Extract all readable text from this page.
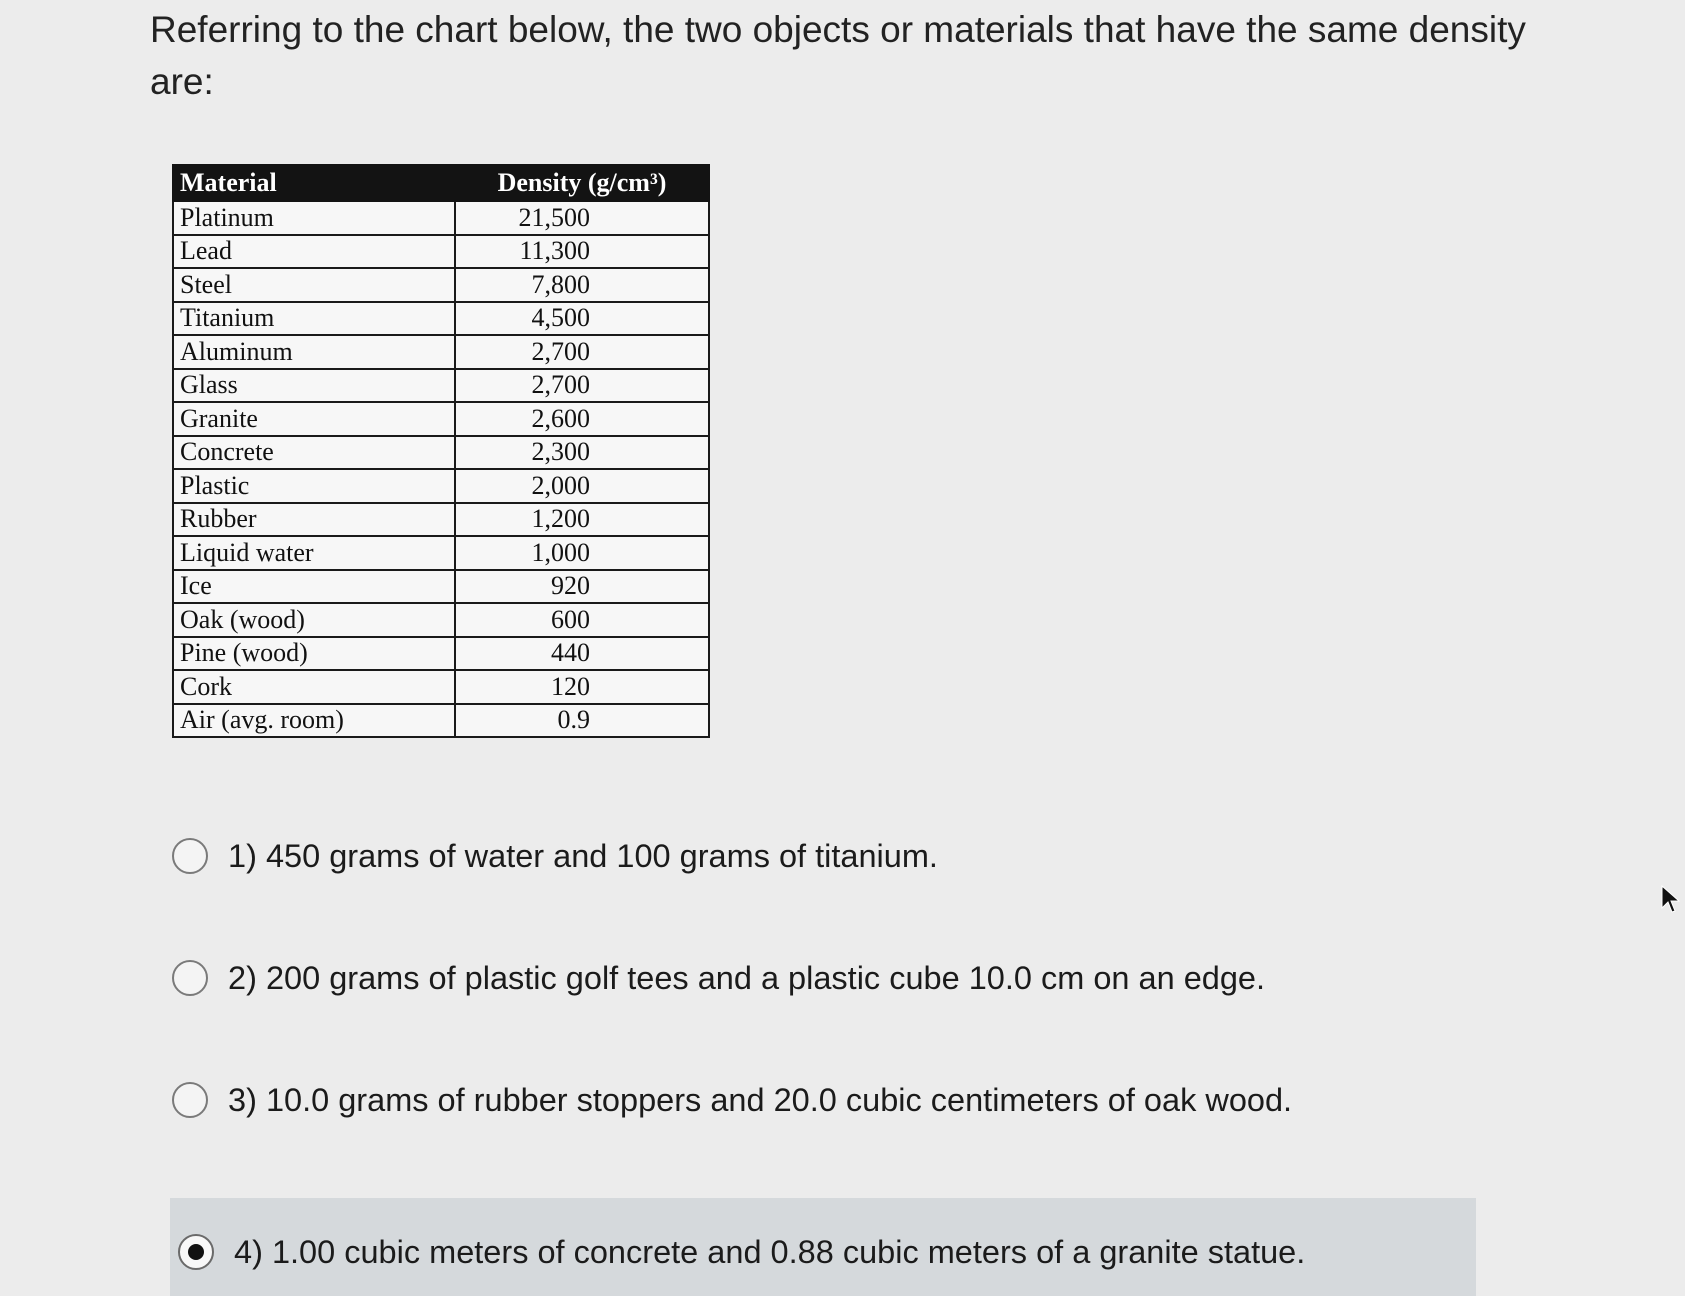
Referring to the chart below, the two objects or materials that have the same density are:
Material	Density (g/cm³)
Platinum	21,500
Lead	11,300
Steel	7,800
Titanium	4,500
Aluminum	2,700
Glass	2,700
Granite	2,600
Concrete	2,300
Plastic	2,000
Rubber	1,200
Liquid water	1,000
Ice	920
Oak (wood)	600
Pine (wood)	440
Cork	120
Air (avg. room)	0.9
1) 450 grams of water and 100 grams of titanium.
2) 200 grams of plastic golf tees and a plastic cube 10.0 cm on an edge.
3) 10.0 grams of rubber stoppers and 20.0 cubic centimeters of oak wood.
4) 1.00 cubic meters of concrete and 0.88 cubic meters of a granite statue.
